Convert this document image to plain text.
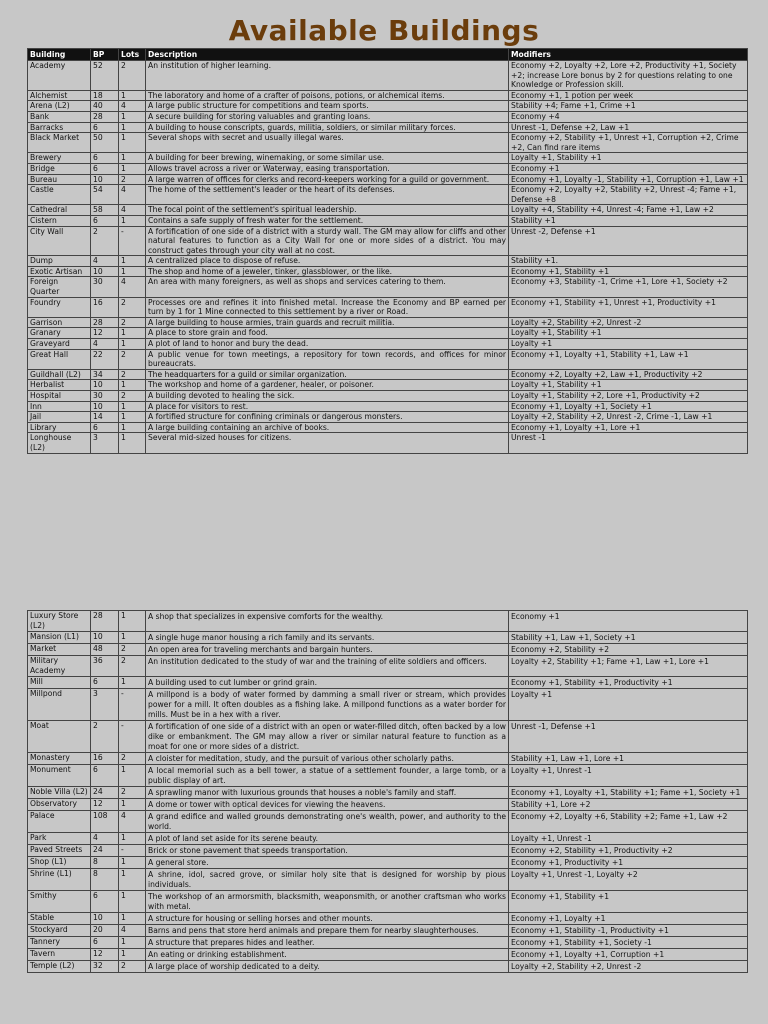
Available Buildings
Building	BP	Lots	Description	Modifiers
Academy	52	2	An institution of higher learning.	Economy +2, Loyalty +2, Lore +2, Productivity +1, Society +2; increase Lore bonus by 2 for questions relating to one Knowledge or Profession skill.
Alchemist	18	1	The laboratory and home of a crafter of poisons, potions, or alchemical items.	Economy +1, 1 potion per week
Arena (L2)	40	4	A large public structure for competitions and team sports.	Stability +4; Fame +1, Crime +1
Bank	28	1	A secure building for storing valuables and granting loans.	Economy +4
Barracks	6	1	A building to house conscripts, guards, militia, soldiers, or similar military forces.	Unrest -1, Defense +2, Law +1
Black Market	50	1	Several shops with secret and usually illegal wares.	Economy +2, Stability +1, Unrest +1, Corruption +2, Crime +2, Can find rare items
Brewery	6	1	A building for beer brewing, winemaking, or some similar use.	Loyalty +1, Stability +1
Bridge	6	1	Allows travel across a river or Waterway, easing transportation.	Economy +1
Bureau	10	2	A large warren of offices for clerks and record-keepers working for a guild or government.	Economy +1, Loyalty -1, Stability +1, Corruption +1, Law +1
Castle	54	4	The home of the settlement's leader or the heart of its defenses.	Economy +2, Loyalty +2, Stability +2, Unrest -4; Fame +1, Defense +8
Cathedral	58	4	The focal point of the settlement's spiritual leadership.	Loyalty +4, Stability +4, Unrest -4; Fame +1, Law +2
Cistern	6	1	Contains a safe supply of fresh water for the settlement.	Stability +1
City Wall	2	-	A fortification of one side of a district with a sturdy wall. The GM may allow for cliffs and other natural features to function as a City Wall for one or more sides of a district. You may construct gates through your city wall at no cost.	Unrest -2, Defense +1
Dump	4	1	A centralized place to dispose of refuse.	Stability +1.
Exotic Artisan	10	1	The shop and home of a jeweler, tinker, glassblower, or the like.	Economy +1, Stability +1
Foreign Quarter	30	4	An area with many foreigners, as well as shops and services catering to them.	Economy +3, Stability -1, Crime +1, Lore +1, Society +2
Foundry	16	2	Processes ore and refines it into finished metal. Increase the Economy and BP earned per turn by 1 for 1 Mine connected to this settlement by a river or Road.	Economy +1, Stability +1, Unrest +1, Productivity +1
Garrison	28	2	A large building to house armies, train guards and recruit militia.	Loyalty +2, Stability +2, Unrest -2
Granary	12	1	A place to store grain and food.	Loyalty +1, Stability +1
Graveyard	4	1	A plot of land to honor and bury the dead.	Loyalty +1
Great Hall	22	2	A public venue for town meetings, a repository for town records, and offices for minor bureaucrats.	Economy +1, Loyalty +1, Stability +1, Law +1
Guildhall (L2)	34	2	The headquarters for a guild or similar organization.	Economy +2, Loyalty +2, Law +1, Productivity +2
Herbalist	10	1	The workshop and home of a gardener, healer, or poisoner.	Loyalty +1, Stability +1
Hospital	30	2	A building devoted to healing the sick.	Loyalty +1, Stability +2, Lore +1, Productivity +2
Inn	10	1	A place for visitors to rest.	Economy +1, Loyalty +1, Society +1
Jail	14	1	A fortified structure for confining criminals or dangerous monsters.	Loyalty +2, Stability +2, Unrest -2, Crime -1, Law +1
Library	6	1	A large building containing an archive of books.	Economy +1, Loyalty +1, Lore +1
Longhouse (L2)	3	1	Several mid-sized houses for citizens.	Unrest -1
Luxury Store (L2)	28	1	A shop that specializes in expensive comforts for the wealthy.	Economy +1
Mansion (L1)	10	1	A single huge manor housing a rich family and its servants.	Stability +1, Law +1, Society +1
Market	48	2	An open area for traveling merchants and bargain hunters.	Economy +2, Stability +2
Military Academy	36	2	An institution dedicated to the study of war and the training of elite soldiers and officers.	Loyalty +2, Stability +1; Fame +1, Law +1, Lore +1
Mill	6	1	A building used to cut lumber or grind grain.	Economy +1, Stability +1, Productivity +1
Millpond	3	-	A millpond is a body of water formed by damming a small river or stream, which provides power for a mill. It often doubles as a fishing lake. A millpond functions as a water border for mills. Must be in a hex with a river.	Loyalty +1
Moat	2	-	A fortification of one side of a district with an open or water-filled ditch, often backed by a low dike or embankment. The GM may allow a river or similar natural feature to function as a moat for one or more sides of a district.	Unrest -1, Defense +1
Monastery	16	2	A cloister for meditation, study, and the pursuit of various other scholarly paths.	Stability +1, Law +1, Lore +1
Monument	6	1	A local memorial such as a bell tower, a statue of a settlement founder, a large tomb, or a public display of art.	Loyalty +1, Unrest -1
Noble Villa (L2)	24	2	A sprawling manor with luxurious grounds that houses a noble's family and staff.	Economy +1, Loyalty +1, Stability +1; Fame +1, Society +1
Observatory	12	1	A dome or tower with optical devices for viewing the heavens.	Stability +1, Lore +2
Palace	108	4	A grand edifice and walled grounds demonstrating one's wealth, power, and authority to the world.	Economy +2, Loyalty +6, Stability +2; Fame +1, Law +2
Park	4	1	A plot of land set aside for its serene beauty.	Loyalty +1, Unrest -1
Paved Streets	24	-	Brick or stone pavement that speeds transportation.	Economy +2, Stability +1, Productivity +2
Shop (L1)	8	1	A general store.	Economy +1, Productivity +1
Shrine (L1)	8	1	A shrine, idol, sacred grove, or similar holy site that is designed for worship by pious individuals.	Loyalty +1, Unrest -1, Loyalty +2
Smithy	6	1	The workshop of an armorsmith, blacksmith, weaponsmith, or another craftsman who works with metal.	Economy +1, Stability +1
Stable	10	1	A structure for housing or selling horses and other mounts.	Economy +1, Loyalty +1
Stockyard	20	4	Barns and pens that store herd animals and prepare them for nearby slaughterhouses.	Economy +1, Stability -1, Productivity +1
Tannery	6	1	A structure that prepares hides and leather.	Economy +1, Stability +1, Society -1
Tavern	12	1	An eating or drinking establishment.	Economy +1, Loyalty +1, Corruption +1
Temple (L2)	32	2	A large place of worship dedicated to a deity.	Loyalty +2, Stability +2, Unrest -2
